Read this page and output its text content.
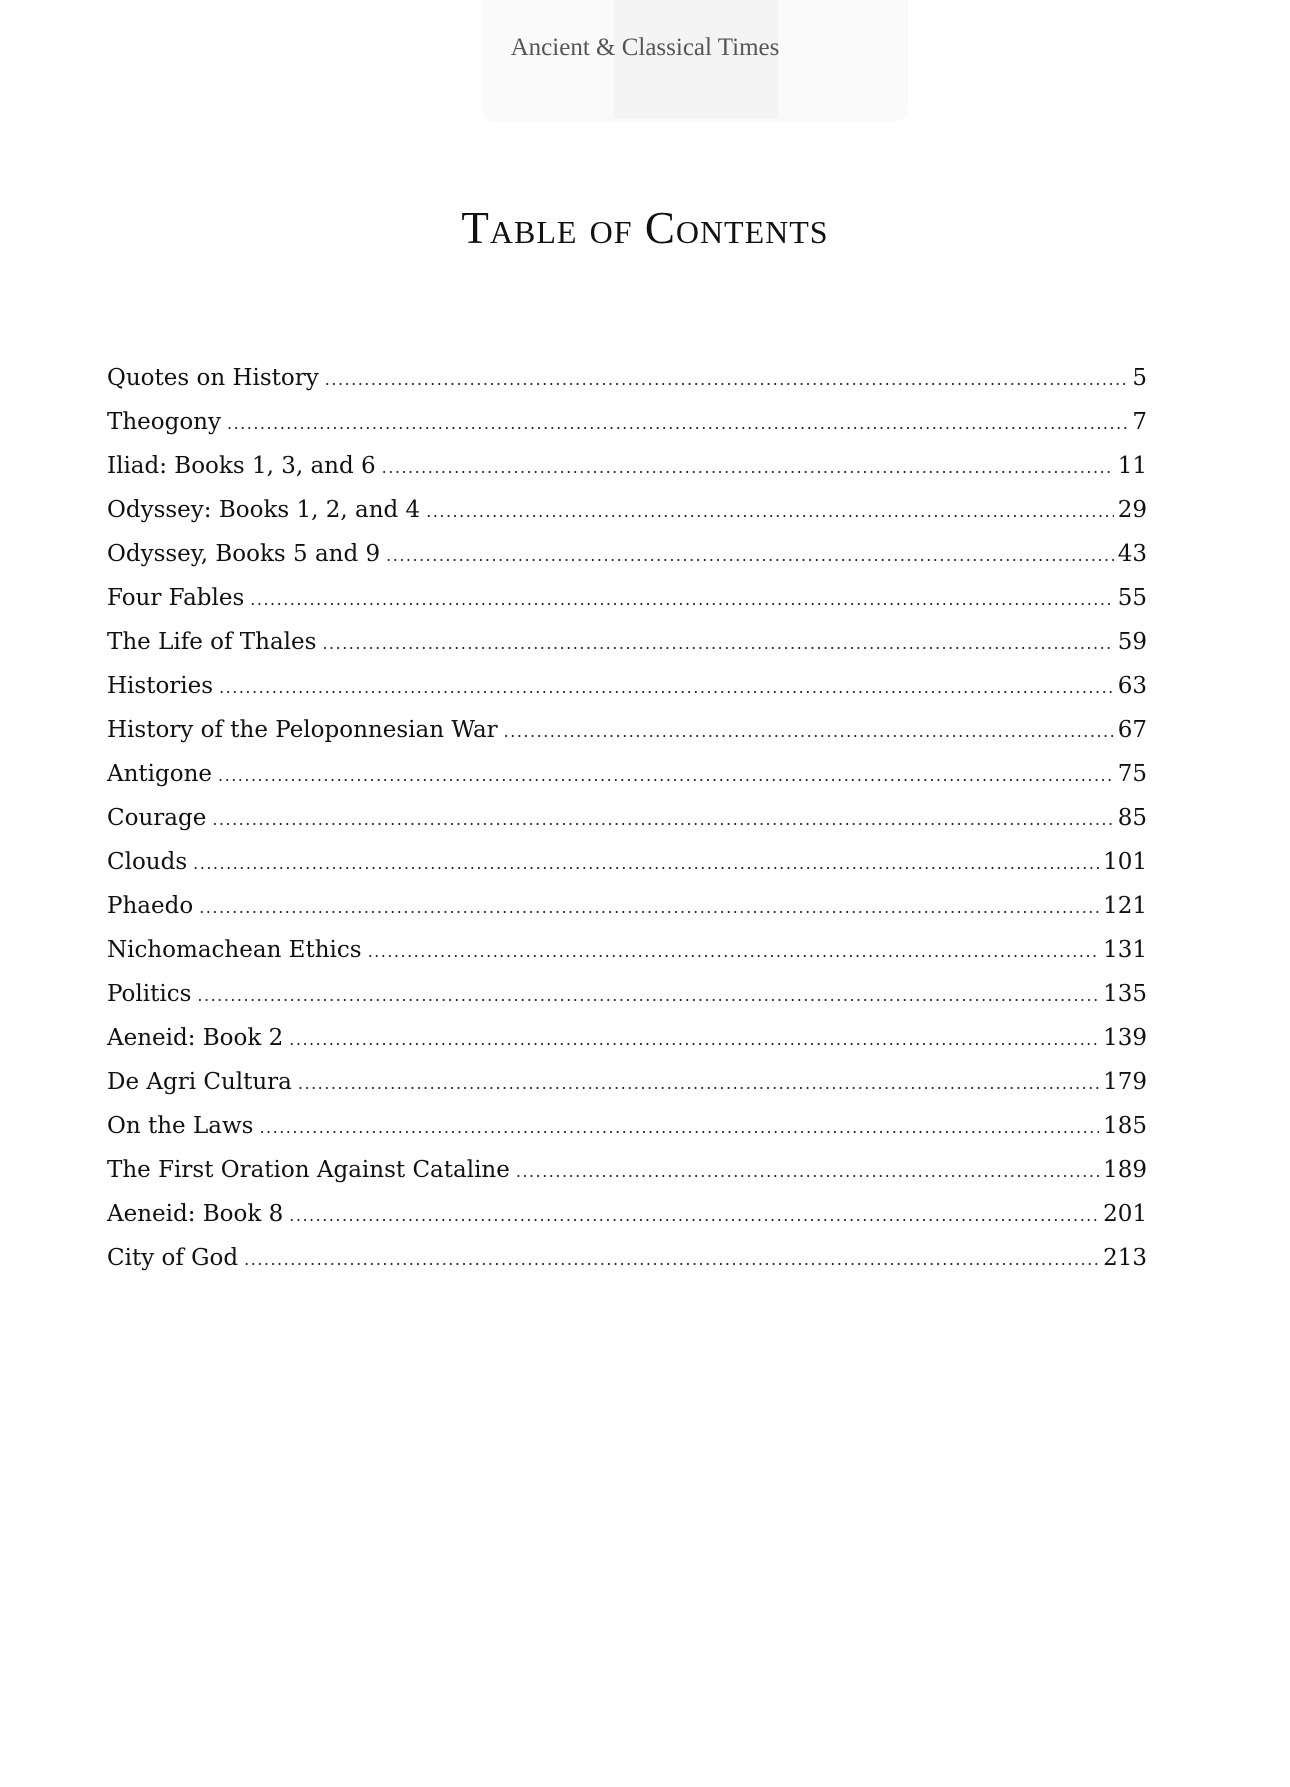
Ancient & Classical Times
Table of Contents
Quotes on History .....	5
Theogony .....	7
Iliad: Books 1, 3, and 6 .....	11
Odyssey: Books 1, 2, and 4 .....	29
Odyssey, Books 5 and 9 .....	43
Four Fables .....	55
The Life of Thales .....	59
Histories .....	63
History of the Peloponnesian War .....	67
Antigone .....	75
Courage .....	85
Clouds .....	101
Phaedo .....	121
Nichomachean Ethics .....	131
Politics .....	135
Aeneid: Book 2 .....	139
De Agri Cultura .....	179
On the Laws .....	185
The First Oration Against Cataline .....	189
Aeneid: Book 8 .....	201
City of God .....	213
